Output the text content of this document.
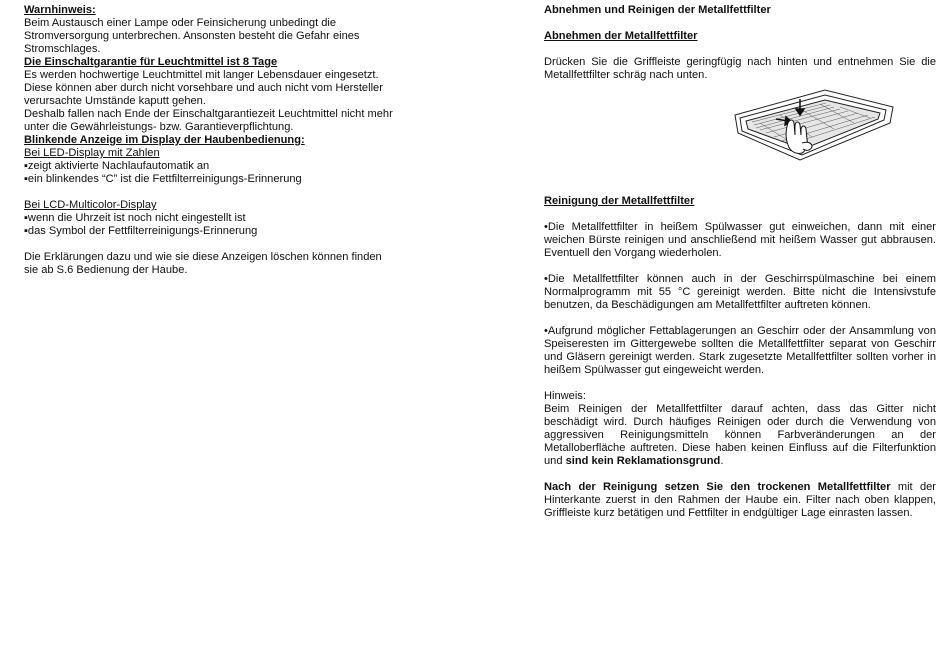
Warnhinweis:
Beim Austausch einer Lampe oder Feinsicherung unbedingt die
Stromversorgung unterbrechen. Ansonsten besteht die Gefahr eines
Stromschlages.
Die Einschaltgarantie für Leuchtmittel ist 8 Tage
Es werden hochwertige Leuchtmittel mit langer Lebensdauer eingesetzt.
Diese können aber durch nicht vorsehbare und auch nicht vom Hersteller
verursachte Umstände kaputt gehen.
Deshalb fallen nach Ende der Einschaltgarantiezeit Leuchtmittel nicht mehr
unter die Gewährleistungs- bzw. Garantieverpflichtung.
Blinkende Anzeige im Display der Haubenbedienung:
Bei LED-Display mit Zahlen
▪zeigt aktivierte Nachlaufautomatik an
▪ein blinkendes “C” ist die Fettfilterreinigungs-Erinnerung
Bei LCD-Multicolor-Display
▪wenn die Uhrzeit ist noch nicht eingestellt ist
▪das Symbol der Fettfilterreinigungs-Erinnerung
Die Erklärungen dazu und wie sie diese Anzeigen löschen können finden
sie ab S.6 Bedienung der Haube.
Abnehmen und Reinigen der Metallfettfilter
Abnehmen der Metallfettfilter
Drücken Sie die Griffleiste geringfügig nach hinten und entnehmen Sie die Metallfettfilter schräg nach unten.
Reinigung der Metallfettfilter
•Die Metallfettfilter in heißem Spülwasser gut einweichen, dann mit einer weichen Bürste reinigen und anschließend mit heißem Wasser gut abbrausen. Eventuell den Vorgang wiederholen.
•Die Metallfettfilter können auch in der Geschirrspülmaschine bei einem Normalprogramm mit 55 °C gereinigt werden. Bitte nicht die Intensivstufe benutzen, da Beschädigungen am Metallfettfilter auftreten können.
•Aufgrund möglicher Fettablagerungen an Geschirr oder der Ansammlung von Speiseresten im Gittergewebe sollten die Metallfettfilter separat von Geschirr und Gläsern gereinigt werden. Stark zugesetzte Metallfettfilter sollten vorher in heißem Spülwasser gut eingeweicht werden.
Hinweis:
Beim Reinigen der Metallfettfilter darauf achten, dass das Gitter nicht beschädigt wird. Durch häufiges Reinigen oder durch die Verwendung von aggressiven Reinigungsmitteln können Farbveränderungen an der Metalloberfläche auftreten. Diese haben keinen Einfluss auf die Filterfunktion und sind kein Reklamationsgrund.
Nach der Reinigung setzen Sie den trockenen Metallfettfilter mit der Hinterkante zuerst in den Rahmen der Haube ein. Filter nach oben klappen, Griffleiste kurz betätigen und Fettfilter in endgültiger Lage einrasten lassen.
